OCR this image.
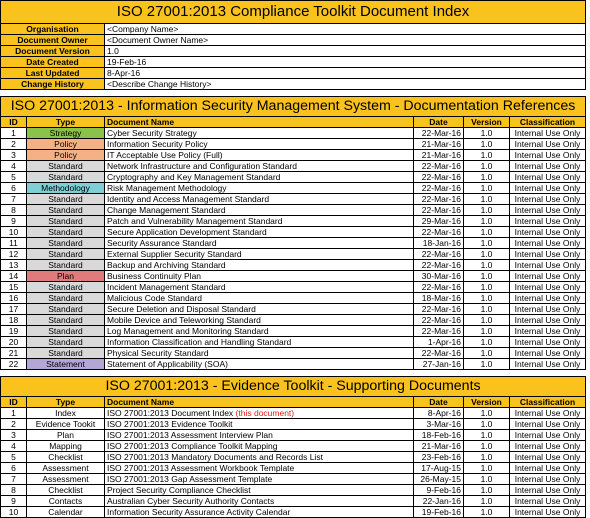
ISO 27001:2013 Compliance Toolkit Document Index	
Organisation	<Company Name>
Document Owner	<Document Owner Name>
Document Version	1.0
Date Created	19-Feb-16
Last Updated	8-Apr-16
Change History	<Describe Change History>
ISO 27001:2013 - Information Security Management System - Documentation References					
ID	Type	Document Name	Date	Version	Classification
1	Strategy	Cyber Security Strategy	22-Mar-16	1.0	Internal Use Only
2	Policy	Information Security Policy	21-Mar-16	1.0	Internal Use Only
3	Policy	IT Acceptable Use Policy (Full)	21-Mar-16	1.0	Internal Use Only
4	Standard	Network Infrastructure and Configuration Standard	22-Mar-16	1.0	Internal Use Only
5	Standard	Cryptography and Key Management Standard	22-Mar-16	1.0	Internal Use Only
6	Methodology	Risk Management Methodology	22-Mar-16	1.0	Internal Use Only
7	Standard	Identity and Access Management Standard	22-Mar-16	1.0	Internal Use Only
8	Standard	Change Management Standard	22-Mar-16	1.0	Internal Use Only
9	Standard	Patch and Vulnerability Management Standard	29-Mar-16	1.0	Internal Use Only
10	Standard	Secure Application Development Standard	22-Mar-16	1.0	Internal Use Only
11	Standard	Security Assurance Standard	18-Jan-16	1.0	Internal Use Only
12	Standard	External Supplier Security Standard	22-Mar-16	1.0	Internal Use Only
13	Standard	Backup and Archiving Standard	22-Mar-16	1.0	Internal Use Only
14	Plan	Business Continuity Plan	30-Mar-16	1.0	Internal Use Only
15	Standard	Incident Management Standard	22-Mar-16	1.0	Internal Use Only
16	Standard	Malicious Code Standard	18-Mar-16	1.0	Internal Use Only
17	Standard	Secure Deletion and Disposal Standard	22-Mar-16	1.0	Internal Use Only
18	Standard	Mobile Device and Teleworking Standard	22-Mar-16	1.0	Internal Use Only
19	Standard	Log Management and Monitoring Standard	22-Mar-16	1.0	Internal Use Only
20	Standard	Information Classification and Handling Standard	1-Apr-16	1.0	Internal Use Only
21	Standard	Physical Security Standard	22-Mar-16	1.0	Internal Use Only
22	Statement	Statement of Applicability (SOA)	27-Jan-16	1.0	Internal Use Only
ISO 27001:2013 - Evidence Toolkit - Supporting Documents					
ID	Type	Document Name	Date	Version	Classification
1	Index	ISO 27001:2013 Document Index (this document)	8-Apr-16	1.0	Internal Use Only
2	Evidence Tookit	ISO 27001:2013 Evidence Toolkit	3-Mar-16	1.0	Internal Use Only
3	Plan	ISO 27001:2013 Assessment Interview Plan	18-Feb-16	1.0	Internal Use Only
4	Mapping	ISO 27001:2013 Compliance Toolkit Mapping	21-Mar-16	1.0	Internal Use Only
5	Checklist	ISO 27001:2013 Mandatory Documents and Records List	23-Feb-16	1.0	Internal Use Only
6	Assessment	ISO 27001:2013 Assessment Workbook Template	17-Aug-15	1.0	Internal Use Only
7	Assessment	ISO 27001:2013 Gap Assessment Template	26-May-15	1.0	Internal Use Only
8	Checklist	Project Security Compliance Checklist	9-Feb-16	1.0	Internal Use Only
9	Contacts	Australian Cyber Security Authority Contacts	22-Jan-16	1.0	Internal Use Only
10	Calendar	Information Security Assurance Activity Calendar	19-Feb-16	1.0	Internal Use Only
